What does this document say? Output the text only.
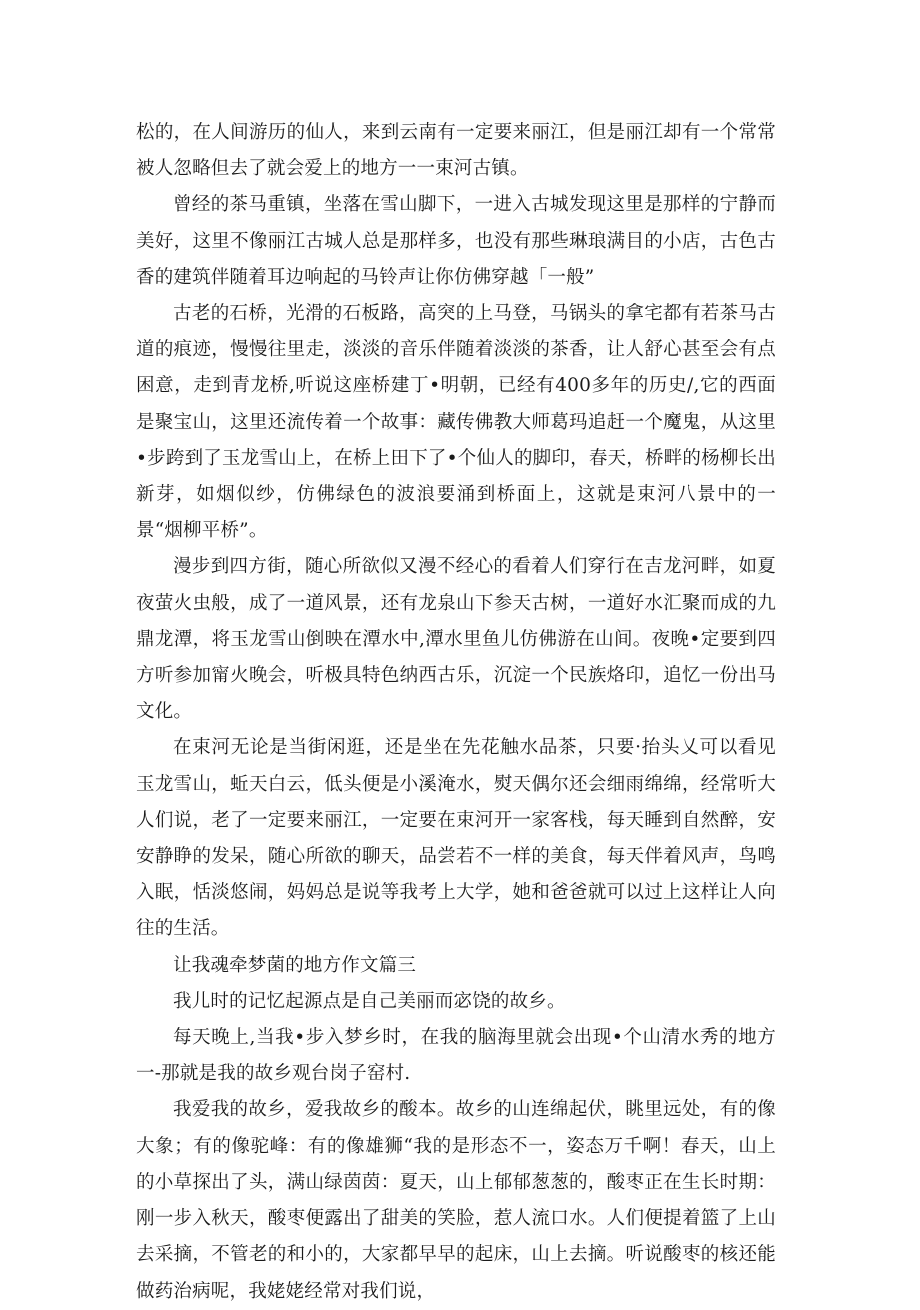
松的，在人间游历的仙人，来到云南有一定要来丽江，但是丽江却有一个常常被人忽略但去了就会爱上的地方一一束河古镇。

曾经的茶马重镇，坐落在雪山脚下，一进入古城发现这里是那样的宁静而美好，这里不像丽江古城人总是那样多，也没有那些琳琅满目的小店，古色古香的建筑伴随着耳边响起的马铃声让你仿佛穿越「一般”

古老的石桥，光滑的石板路，高突的上马登，马锅头的拿宅都有若茶马古道的痕迹，慢慢往里走，淡淡的音乐伴随着淡淡的茶香，让人舒心甚至会有点困意，走到青龙桥,听说这座桥建丁•明朝，已经有400多年的历史/,它的西面是聚宝山，这里还流传着一个故事：藏传佛教大师葛玛追赶一个魔鬼，从这里•步跨到了玉龙雪山上，在桥上田下了•个仙人的脚印，春天，桥畔的杨柳长出新芽，如烟似纱，仿佛绿色的波浪要涌到桥面上，这就是束河八景中的一景“烟柳平桥”。

漫步到四方街，随心所欲似又漫不经心的看着人们穿行在吉龙河畔，如夏夜萤火虫般，成了一道风景，还有龙泉山下参天古树，一道好水汇聚而成的九鼎龙潭，将玉龙雪山倒映在潭水中,潭水里鱼儿仿佛游在山间。夜晚•定要到四方听参加甯火晚会，听极具特色纳西古乐，沉淀一个民族烙印，追忆一份出马文化。

在束河无论是当街闲逛，还是坐在先花触水品茶，只要·抬头乂可以看见玉龙雪山，蚯天白云，低头便是小溪淹水，熨天偶尔还会细雨绵绵，经常听大人们说，老了一定要来丽江，一定要在束河开一家客栈，每天睡到自然醉，安安静睁的发呆，随心所欲的聊天，品尝若不一样的美食，每天伴着风声，鸟鸣入眠，恬淡悠闹，妈妈总是说等我考上大学，她和爸爸就可以过上这样让人向往的生活。

让我魂牵梦菌的地方作文篇三

我儿时的记忆起源点是自己美丽而宓饶的故乡。

每天晚上,当我•步入梦乡时，在我的脑海里就会出现•个山清水秀的地方一-那就是我的故乡观台岗子窑村.

我爱我的故乡，爱我故乡的酸本。故乡的山连绵起伏，眺里远处，有的像大象；有的像驼峰：有的像雄狮“我的是形态不一，姿态万千啊！春天，山上的小草探出了头，满山绿茵茵：夏天，山上郁郁葱葱的，酸枣正在生长时期：刚一步入秋天，酸枣便露出了甜美的笑脸，惹人流口水。人们便提着篮了上山去采摘，不管老的和小的，大家都早早的起床，山上去摘。听说酸枣的核还能做药治病呢，我姥姥经常对我们说，
